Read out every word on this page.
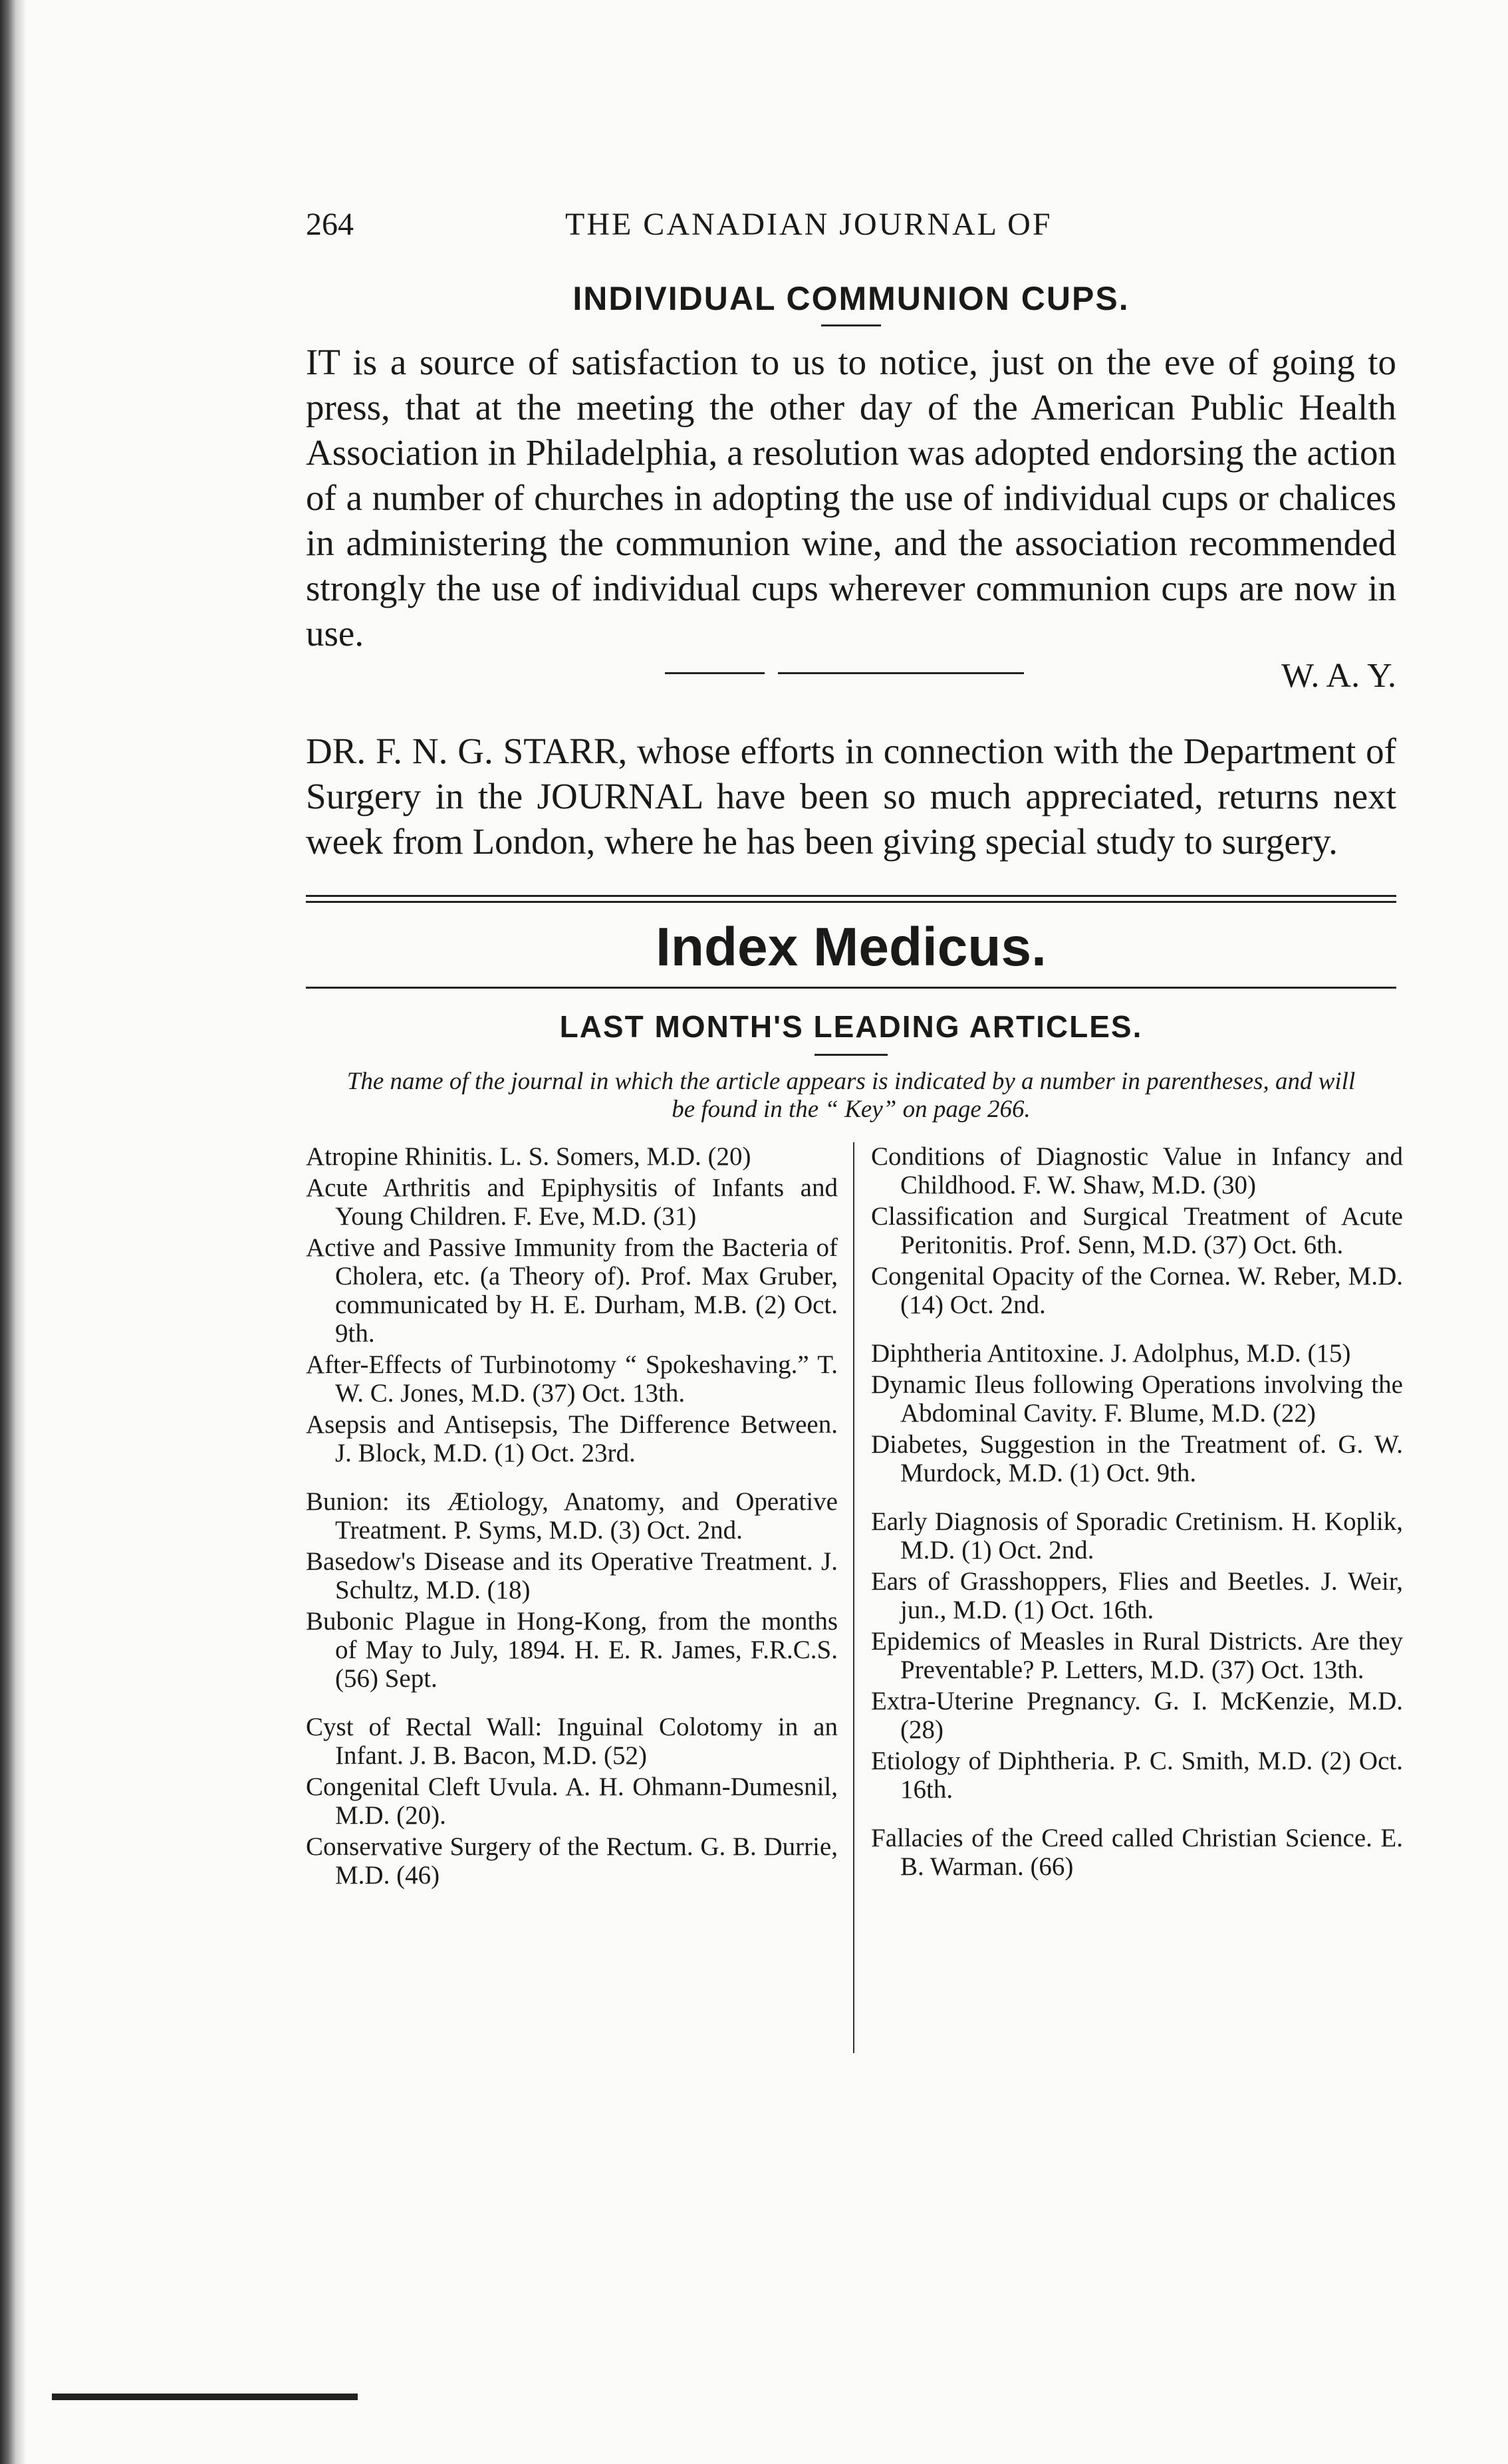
264	THE CANADIAN JOURNAL OF
INDIVIDUAL COMMUNION CUPS.

IT is a source of satisfaction to us to notice, just on the eve of going to press, that at the meeting the other day of the American Public Health Association in Philadelphia, a resolution was adopted endorsing the action of a number of churches in adopting the use of individual cups or chalices in administering the communion wine, and the association recommended strongly the use of individual cups wherever communion cups are now in use.

W. A. Y.

DR. F. N. G. STARR, whose efforts in connection with the Department of Surgery in the JOURNAL have been so much appreciated, returns next week from London, where he has been giving special study to surgery.

Index Medicus.
LAST MONTH'S LEADING ARTICLES.
The name of the journal in which the article appears is indicated by a number in parentheses, and will be found in the “ Key” on page 266.
Atropine Rhinitis. L. S. Somers, M.D. (20)
Acute Arthritis and Epiphysitis of Infants and Young Children. F. Eve, M.D. (31)
Active and Passive Immunity from the Bacteria of Cholera, etc. (a Theory of). Prof. Max Gruber, communicated by H. E. Durham, M.B. (2) Oct. 9th.
After-Effects of Turbinotomy “ Spokeshaving.” T. W. C. Jones, M.D. (37) Oct. 13th.
Asepsis and Antisepsis, The Difference Between. J. Block, M.D. (1) Oct. 23rd.
Bunion: its Ætiology, Anatomy, and Operative Treatment. P. Syms, M.D. (3) Oct. 2nd.
Basedow's Disease and its Operative Treatment. J. Schultz, M.D. (18)
Bubonic Plague in Hong-Kong, from the months of May to July, 1894. H. E. R. James, F.R.C.S. (56) Sept.
Cyst of Rectal Wall: Inguinal Colotomy in an Infant. J. B. Bacon, M.D. (52)
Congenital Cleft Uvula. A. H. Ohmann-Dumesnil, M.D. (20).
Conservative Surgery of the Rectum. G. B. Durrie, M.D. (46)
Conditions of Diagnostic Value in Infancy and Childhood. F. W. Shaw, M.D. (30)
Classification and Surgical Treatment of Acute Peritonitis. Prof. Senn, M.D. (37) Oct. 6th.
Congenital Opacity of the Cornea. W. Reber, M.D. (14) Oct. 2nd.
Diphtheria Antitoxine. J. Adolphus, M.D. (15)
Dynamic Ileus following Operations involving the Abdominal Cavity. F. Blume, M.D. (22)
Diabetes, Suggestion in the Treatment of. G. W. Murdock, M.D. (1) Oct. 9th.
Early Diagnosis of Sporadic Cretinism. H. Koplik, M.D. (1) Oct. 2nd.
Ears of Grasshoppers, Flies and Beetles. J. Weir, jun., M.D. (1) Oct. 16th.
Epidemics of Measles in Rural Districts. Are they Preventable? P. Letters, M.D. (37) Oct. 13th.
Extra-Uterine Pregnancy. G. I. McKenzie, M.D. (28)
Etiology of Diphtheria. P. C. Smith, M.D. (2) Oct. 16th.
Fallacies of the Creed called Christian Science. E. B. Warman. (66)
